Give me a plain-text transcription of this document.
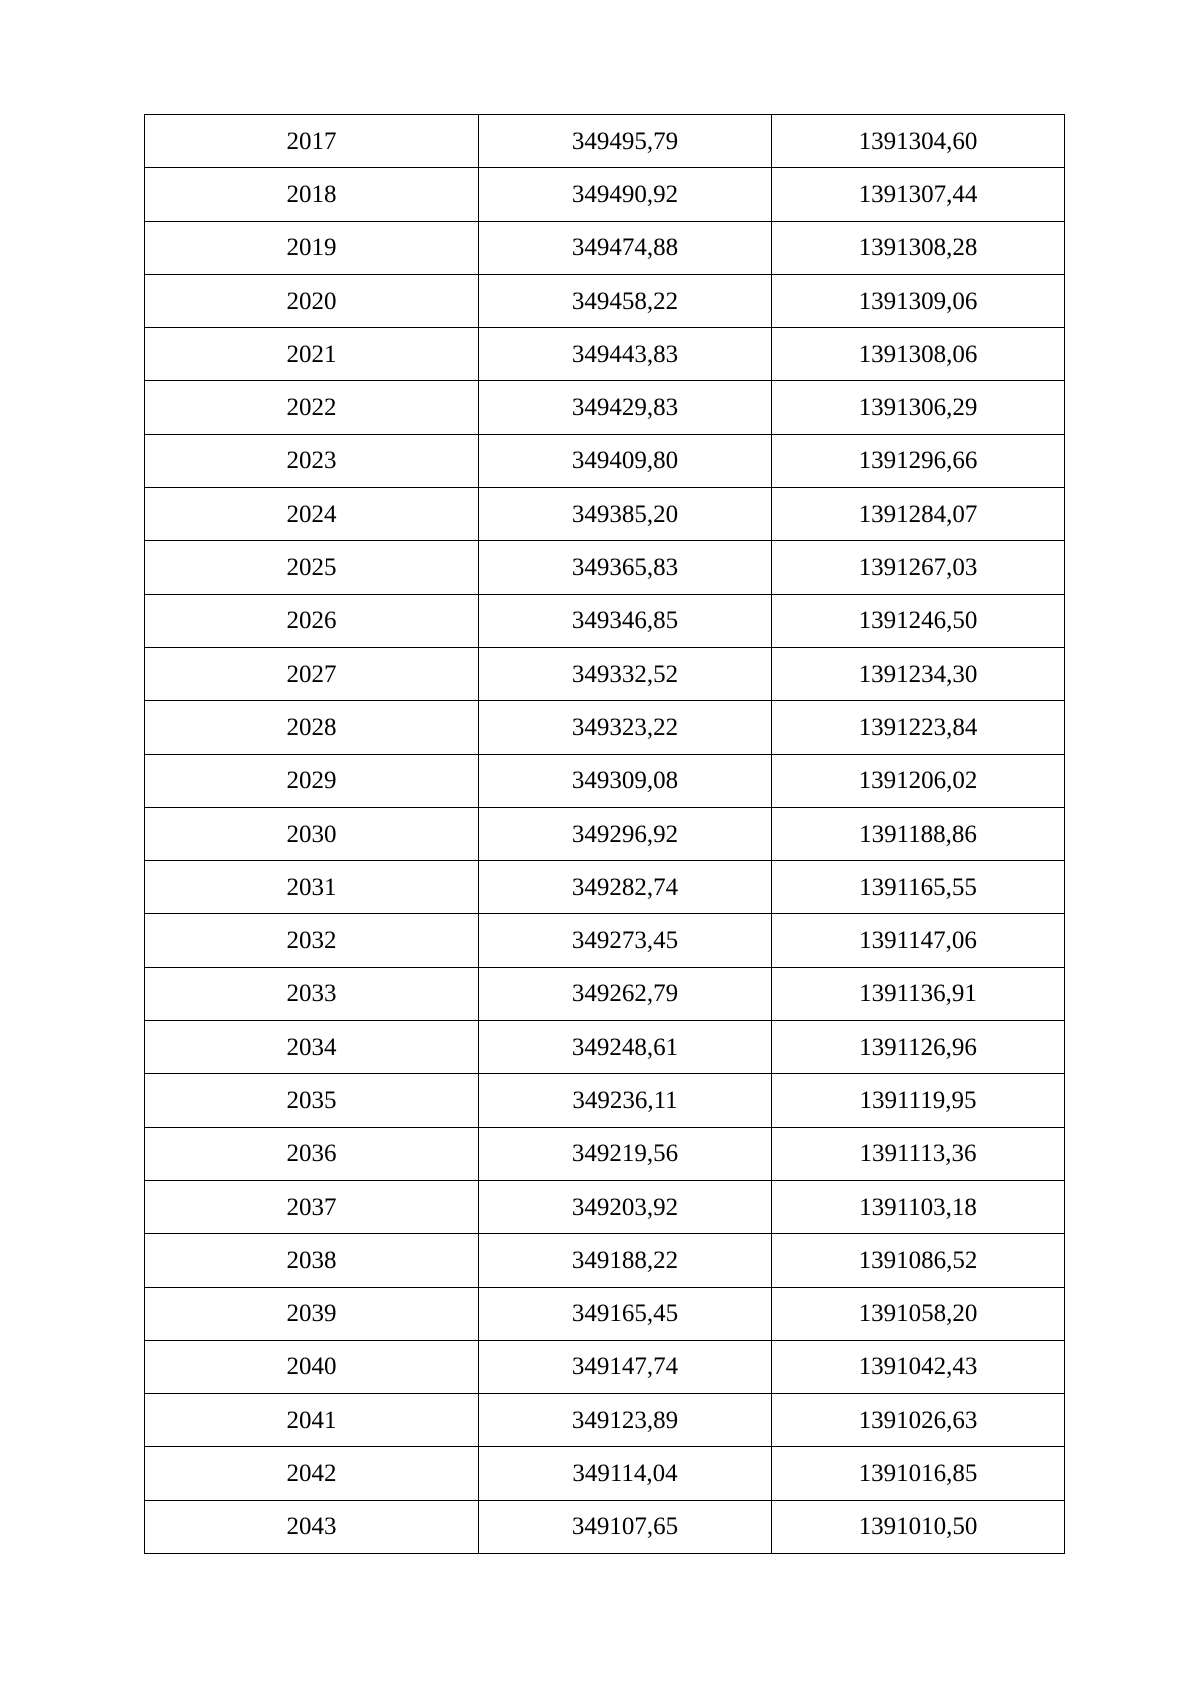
2017	349495,79	1391304,60
2018	349490,92	1391307,44
2019	349474,88	1391308,28
2020	349458,22	1391309,06
2021	349443,83	1391308,06
2022	349429,83	1391306,29
2023	349409,80	1391296,66
2024	349385,20	1391284,07
2025	349365,83	1391267,03
2026	349346,85	1391246,50
2027	349332,52	1391234,30
2028	349323,22	1391223,84
2029	349309,08	1391206,02
2030	349296,92	1391188,86
2031	349282,74	1391165,55
2032	349273,45	1391147,06
2033	349262,79	1391136,91
2034	349248,61	1391126,96
2035	349236,11	1391119,95
2036	349219,56	1391113,36
2037	349203,92	1391103,18
2038	349188,22	1391086,52
2039	349165,45	1391058,20
2040	349147,74	1391042,43
2041	349123,89	1391026,63
2042	349114,04	1391016,85
2043	349107,65	1391010,50
